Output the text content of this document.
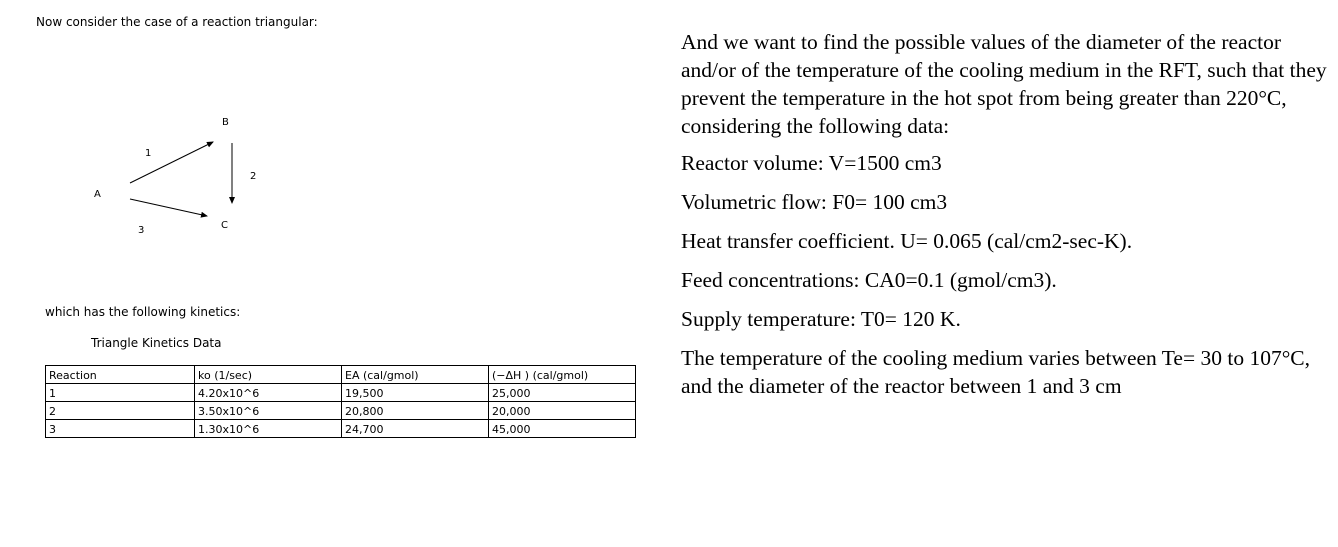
Now consider the case of a reaction triangular:
A
B
C
1
2
3
which has the following kinetics:
Triangle Kinetics Data
Reaction	ko (1/sec)	EA (cal/gmol)	(−ΔH ) (cal/gmol)
1	4.20x10^6	19,500	25,000
2	3.50x10^6	20,800	20,000
3	1.30x10^6	24,700	45,000

And we want to find the possible values of the diameter of the reactor and/or of the temperature of the cooling medium in the RFT, such that they prevent the temperature in the hot spot from being greater than 220°C, considering the following data:

Reactor volume: V=1500 cm3

Volumetric flow: F0= 100 cm3

Heat transfer coefficient. U= 0.065 (cal/cm2-sec-K).

Feed concentrations: CA0=0.1 (gmol/cm3).

Supply temperature: T0= 120 K.

The temperature of the cooling medium varies between Te= 30 to 107°C, and the diameter of the reactor between 1 and 3 cm
